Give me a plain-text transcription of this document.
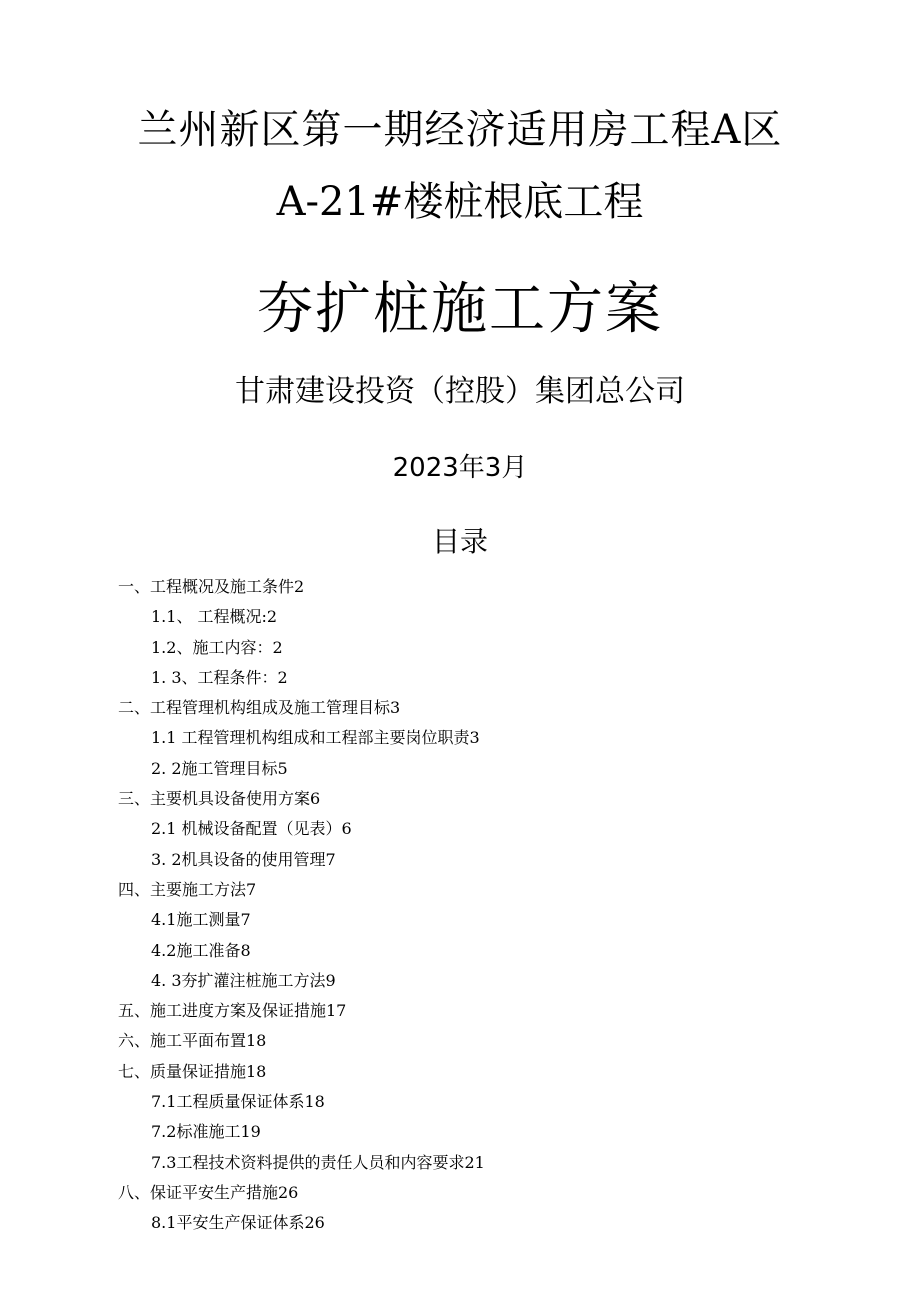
兰州新区第一期经济适用房工程A区
A-21#楼桩根底工程
夯扩桩施工方案
甘肃建设投资（控股）集团总公司
2023年3月
目录
一、工程概况及施工条件2
1.1、 工程概况:2
1.2、施工内容：2
1. 3、工程条件：2
二、工程管理机构组成及施工管理目标3
1.1 工程管理机构组成和工程部主要岗位职责3
2. 2施工管理目标5
三、主要机具设备使用方案6
2.1 机械设备配置（见表）6
3. 2机具设备的使用管理7
四、主要施工方法7
4.1施工测量7
4.2施工准备8
4. 3夯扩灌注桩施工方法9
五、施工进度方案及保证措施17
六、施工平面布置18
七、质量保证措施18
7.1工程质量保证体系18
7.2标准施工19
7.3工程技术资料提供的责任人员和内容要求21
八、保证平安生产措施26
8.1平安生产保证体系26
